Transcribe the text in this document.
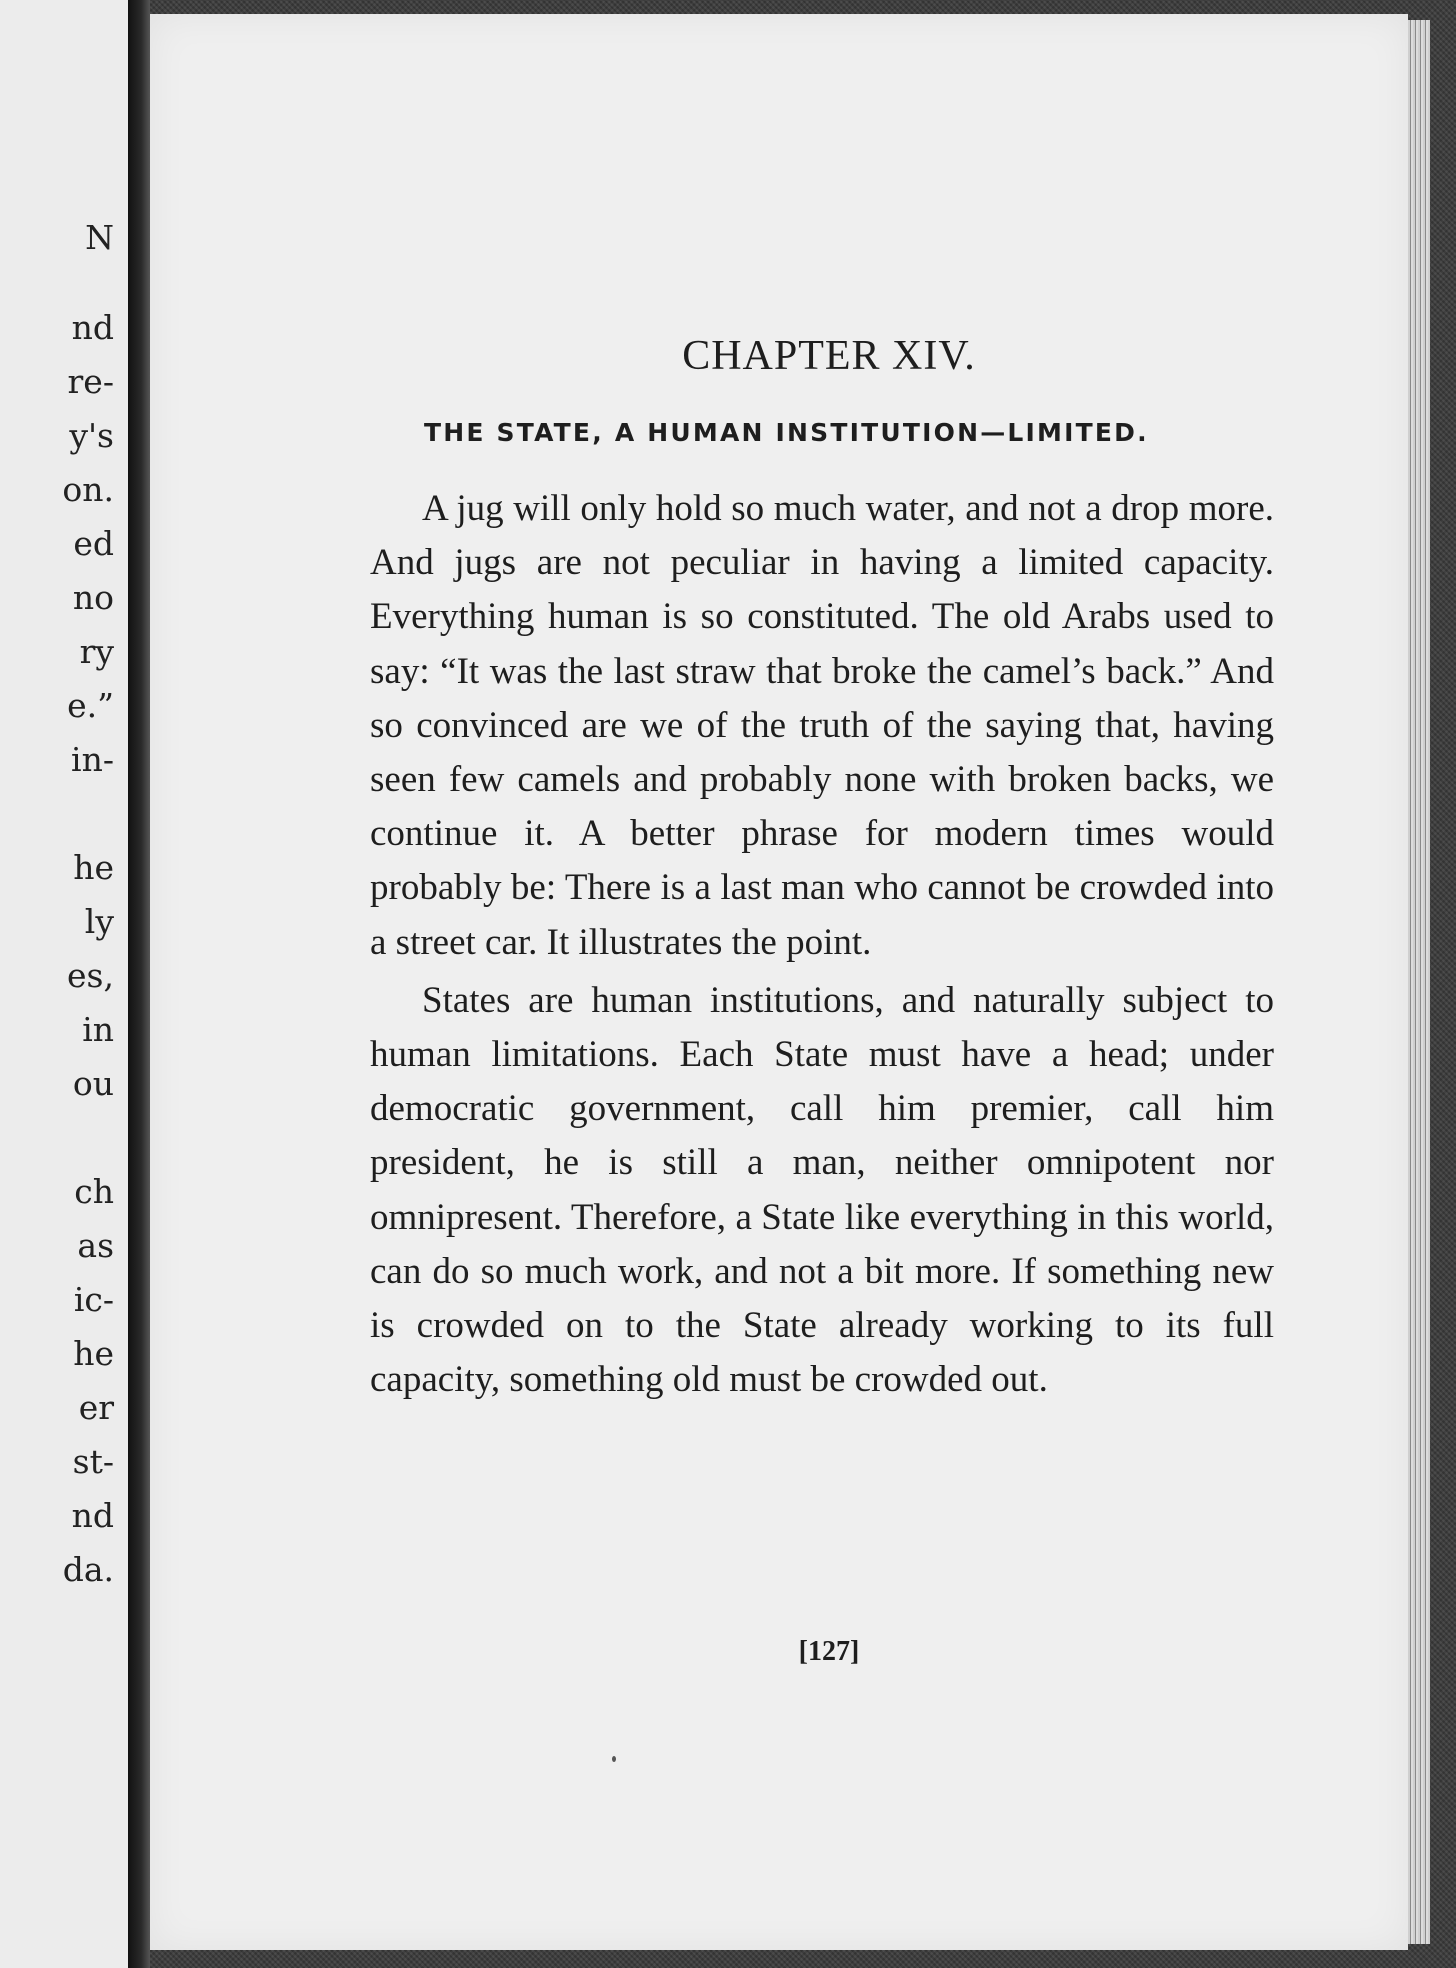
N
nd
re-
y's
on.
ed
no
ry
e.”
in-
he
ly
es,
in
ou
ch
as
ic-
he
er
st-
nd
da.
CHAPTER XIV.
THE STATE, A HUMAN INSTITUTION—LIMITED.

A jug will only hold so much water, and not a drop more. And jugs are not peculiar in having a limited capacity. Everything human is so constituted. The old Arabs used to say: “It was the last straw that broke the camel’s back.” And so convinced are we of the truth of the saying that, having seen few camels and probably none with broken backs, we continue it. A better phrase for modern times would probably be: There is a last man who cannot be crowded into a street car. It illustrates the point.

States are human institutions, and naturally subject to human limitations. Each State must have a head; under democratic government, call him premier, call him president, he is still a man, neither omnipotent nor omnipresent. Therefore, a State like everything in this world, can do so much work, and not a bit more. If something new is crowded on to the State already working to its full capacity, something old must be crowded out.

[127]
